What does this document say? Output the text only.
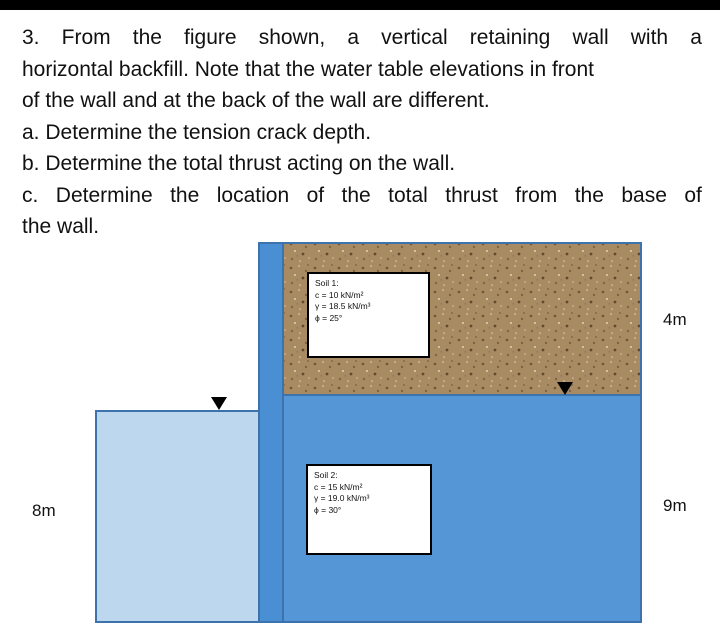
3. From the figure shown, a vertical retaining wall with a
horizontal backfill. Note that the water table elevations in front
of the wall and at the back of the wall are different.
a. Determine the tension crack depth.
b. Determine the total thrust acting on the wall.
c. Determine the location of the total thrust from the base of
the wall.
Soil 1:
c = 10 kN/m²
γ = 18.5 kN/m³
ϕ = 25°
Soil 2:
c = 15 kN/m²
γ = 19.0 kN/m³
ϕ = 30°
4m
9m
8m
